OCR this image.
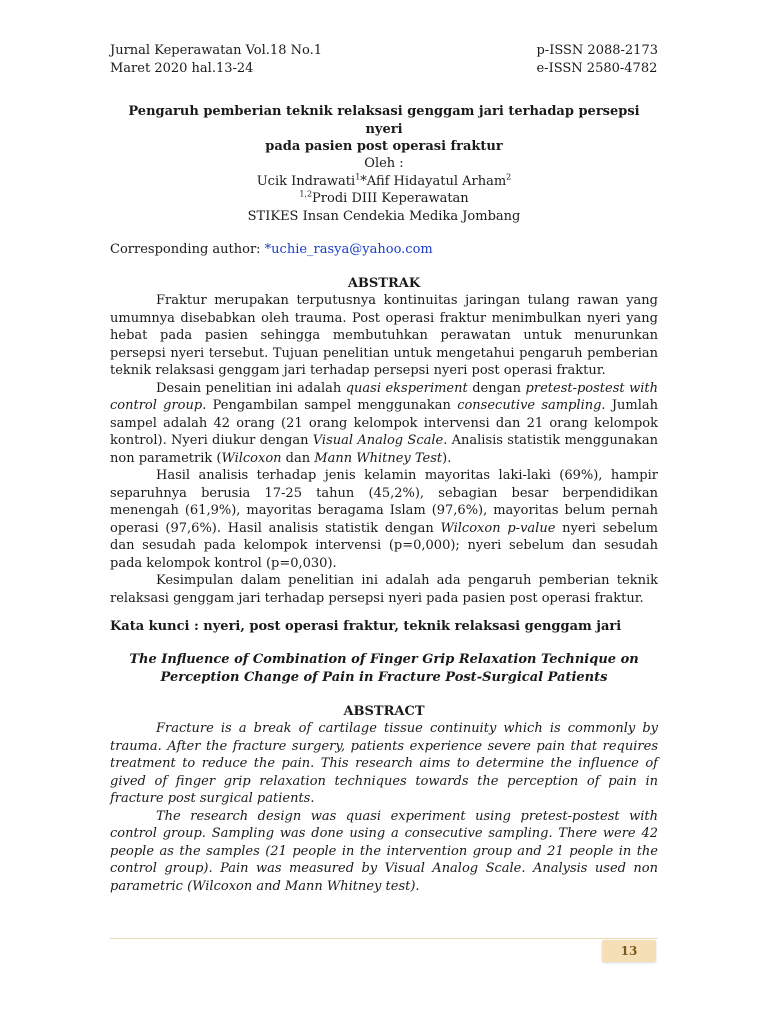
Jurnal Keperawatan Vol.18 No.1
Maret 2020 hal.13-24
p-ISSN 2088-2173
e-ISSN 2580-4782
Pengaruh pemberian teknik relaksasi genggam jari terhadap persepsi nyeri
pada pasien post operasi fraktur
Oleh :
Ucik Indrawati$^1$*Afif Hidayatul Arham$^2$
$^{1,2}$Prodi DIII Keperawatan
STIKES Insan Cendekia Medika Jombang
Corresponding author: *uchie_rasya@yahoo.com
ABSTRAK

Fraktur merupakan terputusnya kontinuitas jaringan tulang rawan yang umumnya disebabkan oleh trauma. Post operasi fraktur menimbulkan nyeri yang hebat pada pasien sehingga membutuhkan perawatan untuk menurunkan persepsi nyeri tersebut. Tujuan penelitian untuk mengetahui pengaruh pemberian teknik relaksasi genggam jari terhadap persepsi nyeri post operasi fraktur.

Desain penelitian ini adalah quasi eksperiment dengan pretest-postest with control group. Pengambilan sampel menggunakan consecutive sampling. Jumlah sampel adalah 42 orang (21 orang kelompok intervensi dan 21 orang kelompok kontrol). Nyeri diukur dengan Visual Analog Scale. Analisis statistik menggunakan non parametrik (Wilcoxon dan Mann Whitney Test).

Hasil analisis terhadap jenis kelamin mayoritas laki-laki (69%), hampir separuhnya berusia 17-25 tahun (45,2%), sebagian besar berpendidikan menengah (61,9%), mayoritas beragama Islam (97,6%), mayoritas belum pernah operasi (97,6%). Hasil analisis statistik dengan Wilcoxon p-value nyeri sebelum dan sesudah pada kelompok intervensi (p=0,000); nyeri sebelum dan sesudah pada kelompok kontrol (p=0,030).

Kesimpulan dalam penelitian ini adalah ada pengaruh pemberian teknik relaksasi genggam jari terhadap persepsi nyeri pada pasien post operasi fraktur.

Kata kunci : nyeri, post operasi fraktur, teknik relaksasi genggam jari
The Influence of Combination of Finger Grip Relaxation Technique on
Perception Change of Pain in Fracture Post-Surgical Patients
ABSTRACT

Fracture is a break of cartilage tissue continuity which is commonly by trauma. After the fracture surgery, patients experience severe pain that requires treatment to reduce the pain. This research aims to determine the influence of gived of finger grip relaxation techniques towards the perception of pain in fracture post surgical patients.

The research design was quasi experiment using pretest-postest with control group. Sampling was done using a consecutive sampling. There were 42 people as the samples (21 people in the intervention group and 21 people in the control group). Pain was measured by Visual Analog Scale. Analysis used non parametric (Wilcoxon and Mann Whitney test).

13
